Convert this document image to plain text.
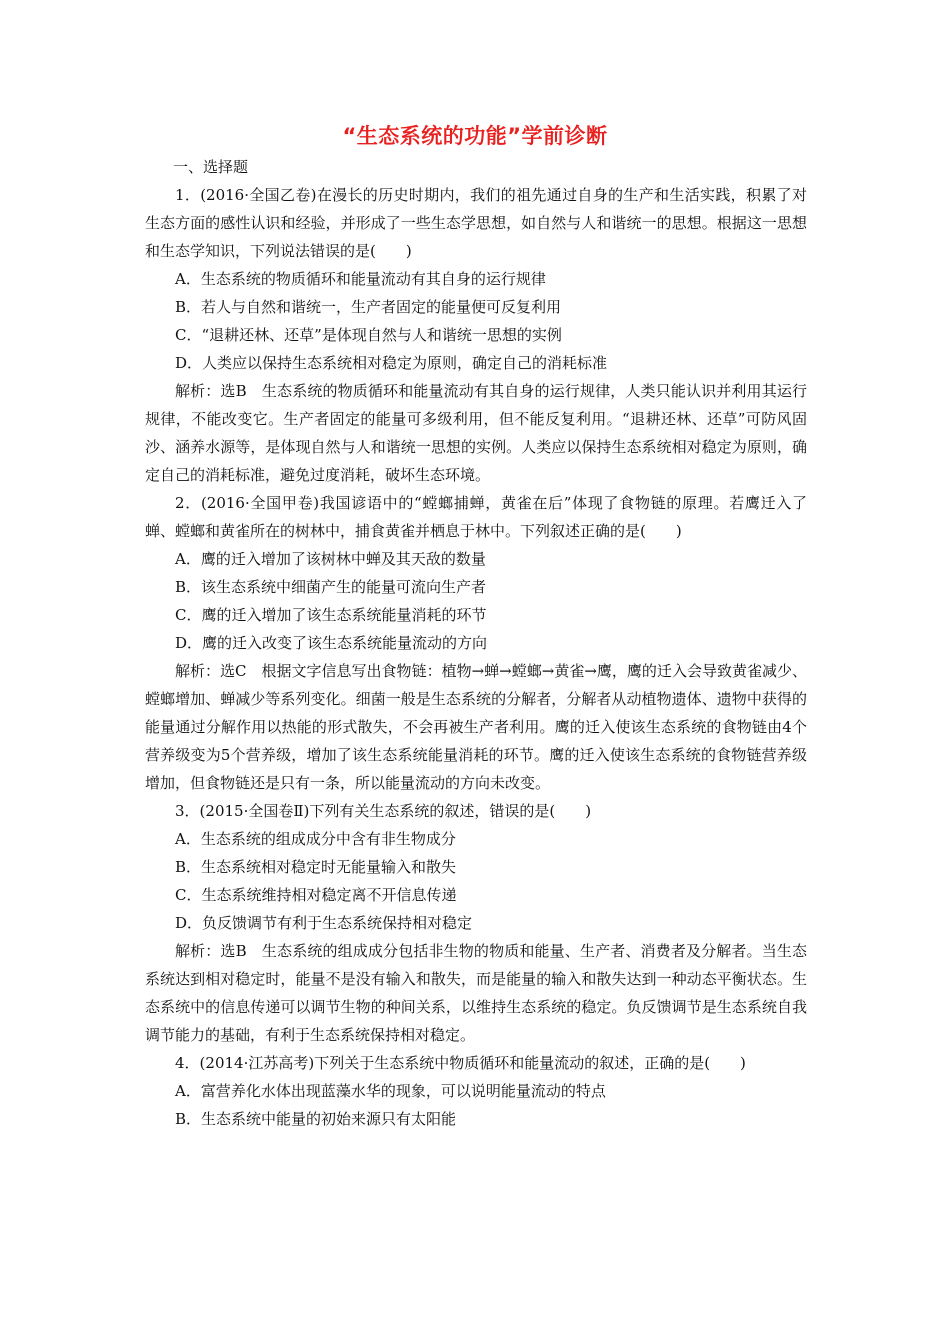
“生态系统的功能”学前诊断

一、选择题

1．(2016·全国乙卷)在漫长的历史时期内，我们的祖先通过自身的生产和生活实践，积累了对生态方面的感性认识和经验，并形成了一些生态学思想，如自然与人和谐统一的思想。根据这一思想和生态学知识，下列说法错误的是(　　)

A．生态系统的物质循环和能量流动有其自身的运行规律

B．若人与自然和谐统一，生产者固定的能量便可反复利用

C．“退耕还林、还草”是体现自然与人和谐统一思想的实例

D．人类应以保持生态系统相对稳定为原则，确定自己的消耗标准

解析：选B　生态系统的物质循环和能量流动有其自身的运行规律，人类只能认识并利用其运行规律，不能改变它。生产者固定的能量可多级利用，但不能反复利用。“退耕还林、还草”可防风固沙、涵养水源等，是体现自然与人和谐统一思想的实例。人类应以保持生态系统相对稳定为原则，确定自己的消耗标准，避免过度消耗，破坏生态环境。

2．(2016·全国甲卷)我国谚语中的“螳螂捕蝉，黄雀在后”体现了食物链的原理。若鹰迁入了蝉、螳螂和黄雀所在的树林中，捕食黄雀并栖息于林中。下列叙述正确的是(　　)

A．鹰的迁入增加了该树林中蝉及其天敌的数量

B．该生态系统中细菌产生的能量可流向生产者

C．鹰的迁入增加了该生态系统能量消耗的环节

D．鹰的迁入改变了该生态系统能量流动的方向

解析：选C　根据文字信息写出食物链：植物→蝉→螳螂→黄雀→鹰，鹰的迁入会导致黄雀减少、螳螂增加、蝉减少等系列变化。细菌一般是生态系统的分解者，分解者从动植物遗体、遗物中获得的能量通过分解作用以热能的形式散失，不会再被生产者利用。鹰的迁入使该生态系统的食物链由4个营养级变为5个营养级，增加了该生态系统能量消耗的环节。鹰的迁入使该生态系统的食物链营养级增加，但食物链还是只有一条，所以能量流动的方向未改变。

3．(2015·全国卷Ⅱ)下列有关生态系统的叙述，错误的是(　　)

A．生态系统的组成成分中含有非生物成分

B．生态系统相对稳定时无能量输入和散失

C．生态系统维持相对稳定离不开信息传递

D．负反馈调节有利于生态系统保持相对稳定

解析：选B　生态系统的组成成分包括非生物的物质和能量、生产者、消费者及分解者。当生态系统达到相对稳定时，能量不是没有输入和散失，而是能量的输入和散失达到一种动态平衡状态。生态系统中的信息传递可以调节生物的种间关系，以维持生态系统的稳定。负反馈调节是生态系统自我调节能力的基础，有利于生态系统保持相对稳定。

4．(2014·江苏高考)下列关于生态系统中物质循环和能量流动的叙述，正确的是(　　)

A．富营养化水体出现蓝藻水华的现象，可以说明能量流动的特点

B．生态系统中能量的初始来源只有太阳能
